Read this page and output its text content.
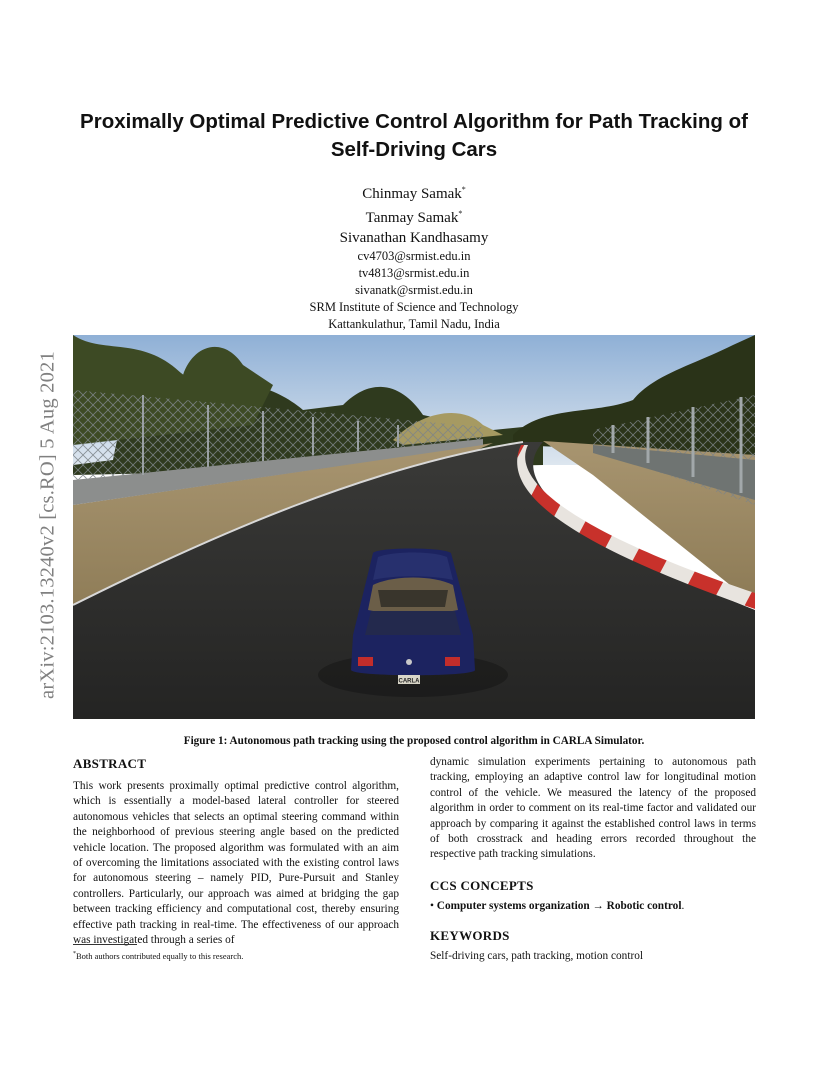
arXiv:2103.13240v2 [cs.RO] 5 Aug 2021
Proximally Optimal Predictive Control Algorithm for Path Tracking of Self-Driving Cars
Chinmay Samak*
Tanmay Samak*
Sivanathan Kandhasamy
cv4703@srmist.edu.in
tv4813@srmist.edu.in
sivanatk@srmist.edu.in
SRM Institute of Science and Technology
Kattankulathur, Tamil Nadu, India
CARLA
Figure 1: Autonomous path tracking using the proposed control algorithm in CARLA Simulator.
ABSTRACT

This work presents proximally optimal predictive control algorithm, which is essentially a model-based lateral controller for steered autonomous vehicles that selects an optimal steering command within the neighborhood of previous steering angle based on the predicted vehicle location. The proposed algorithm was formulated with an aim of overcoming the limitations associated with the existing control laws for autonomous steering – namely PID, Pure-Pursuit and Stanley controllers. Particularly, our approach was aimed at bridging the gap between tracking efficiency and computational cost, thereby ensuring effective path tracking in real-time. The effectiveness of our approach was investigated through a series of

dynamic simulation experiments pertaining to autonomous path tracking, employing an adaptive control law for longitudinal motion control of the vehicle. We measured the latency of the proposed algorithm in order to comment on its real-time factor and validated our approach by comparing it against the established control laws in terms of both crosstrack and heading errors recorded throughout the respective path tracking simulations.

CCS CONCEPTS

• Computer systems organization → Robotic control.

KEYWORDS

Self-driving cars, path tracking, motion control

*Both authors contributed equally to this research.
